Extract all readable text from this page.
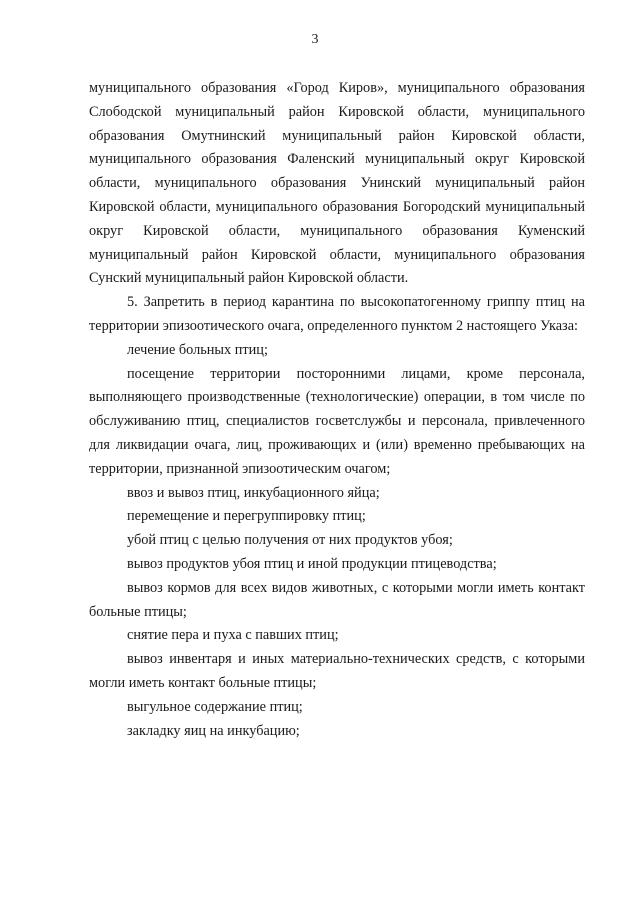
3

муниципального образования «Город Киров», муниципального образования Слободской муниципальный район Кировской области, муниципального образования Омутнинский муниципальный район Кировской области, муниципального образования Фаленский муниципальный округ Кировской области, муниципального образования Унинский муниципальный район Кировской области, муниципального образования Богородский муниципальный округ Кировской области, муниципального образования Куменский муниципальный район Кировской области, муниципального образования Сунский муниципальный район Кировской области.

5. Запретить в период карантина по высокопатогенному гриппу птиц на территории эпизоотического очага, определенного пунктом 2 настоящего Указа:

лечение больных птиц;

посещение территории посторонними лицами, кроме персонала, выполняющего производственные (технологические) операции, в том числе по обслуживанию птиц, специалистов госветслужбы и персонала, привлеченного для ликвидации очага, лиц, проживающих и (или) временно пребывающих на территории, признанной эпизоотическим очагом;

ввоз и вывоз птиц, инкубационного яйца;

перемещение и перегруппировку птиц;

убой птиц с целью получения от них продуктов убоя;

вывоз продуктов убоя птиц и иной продукции птицеводства;

вывоз кормов для всех видов животных, с которыми могли иметь контакт больные птицы;

снятие пера и пуха с павших птиц;

вывоз инвентаря и иных материально-технических средств, с которыми могли иметь контакт больные птицы;

выгульное содержание птиц;

закладку яиц на инкубацию;
